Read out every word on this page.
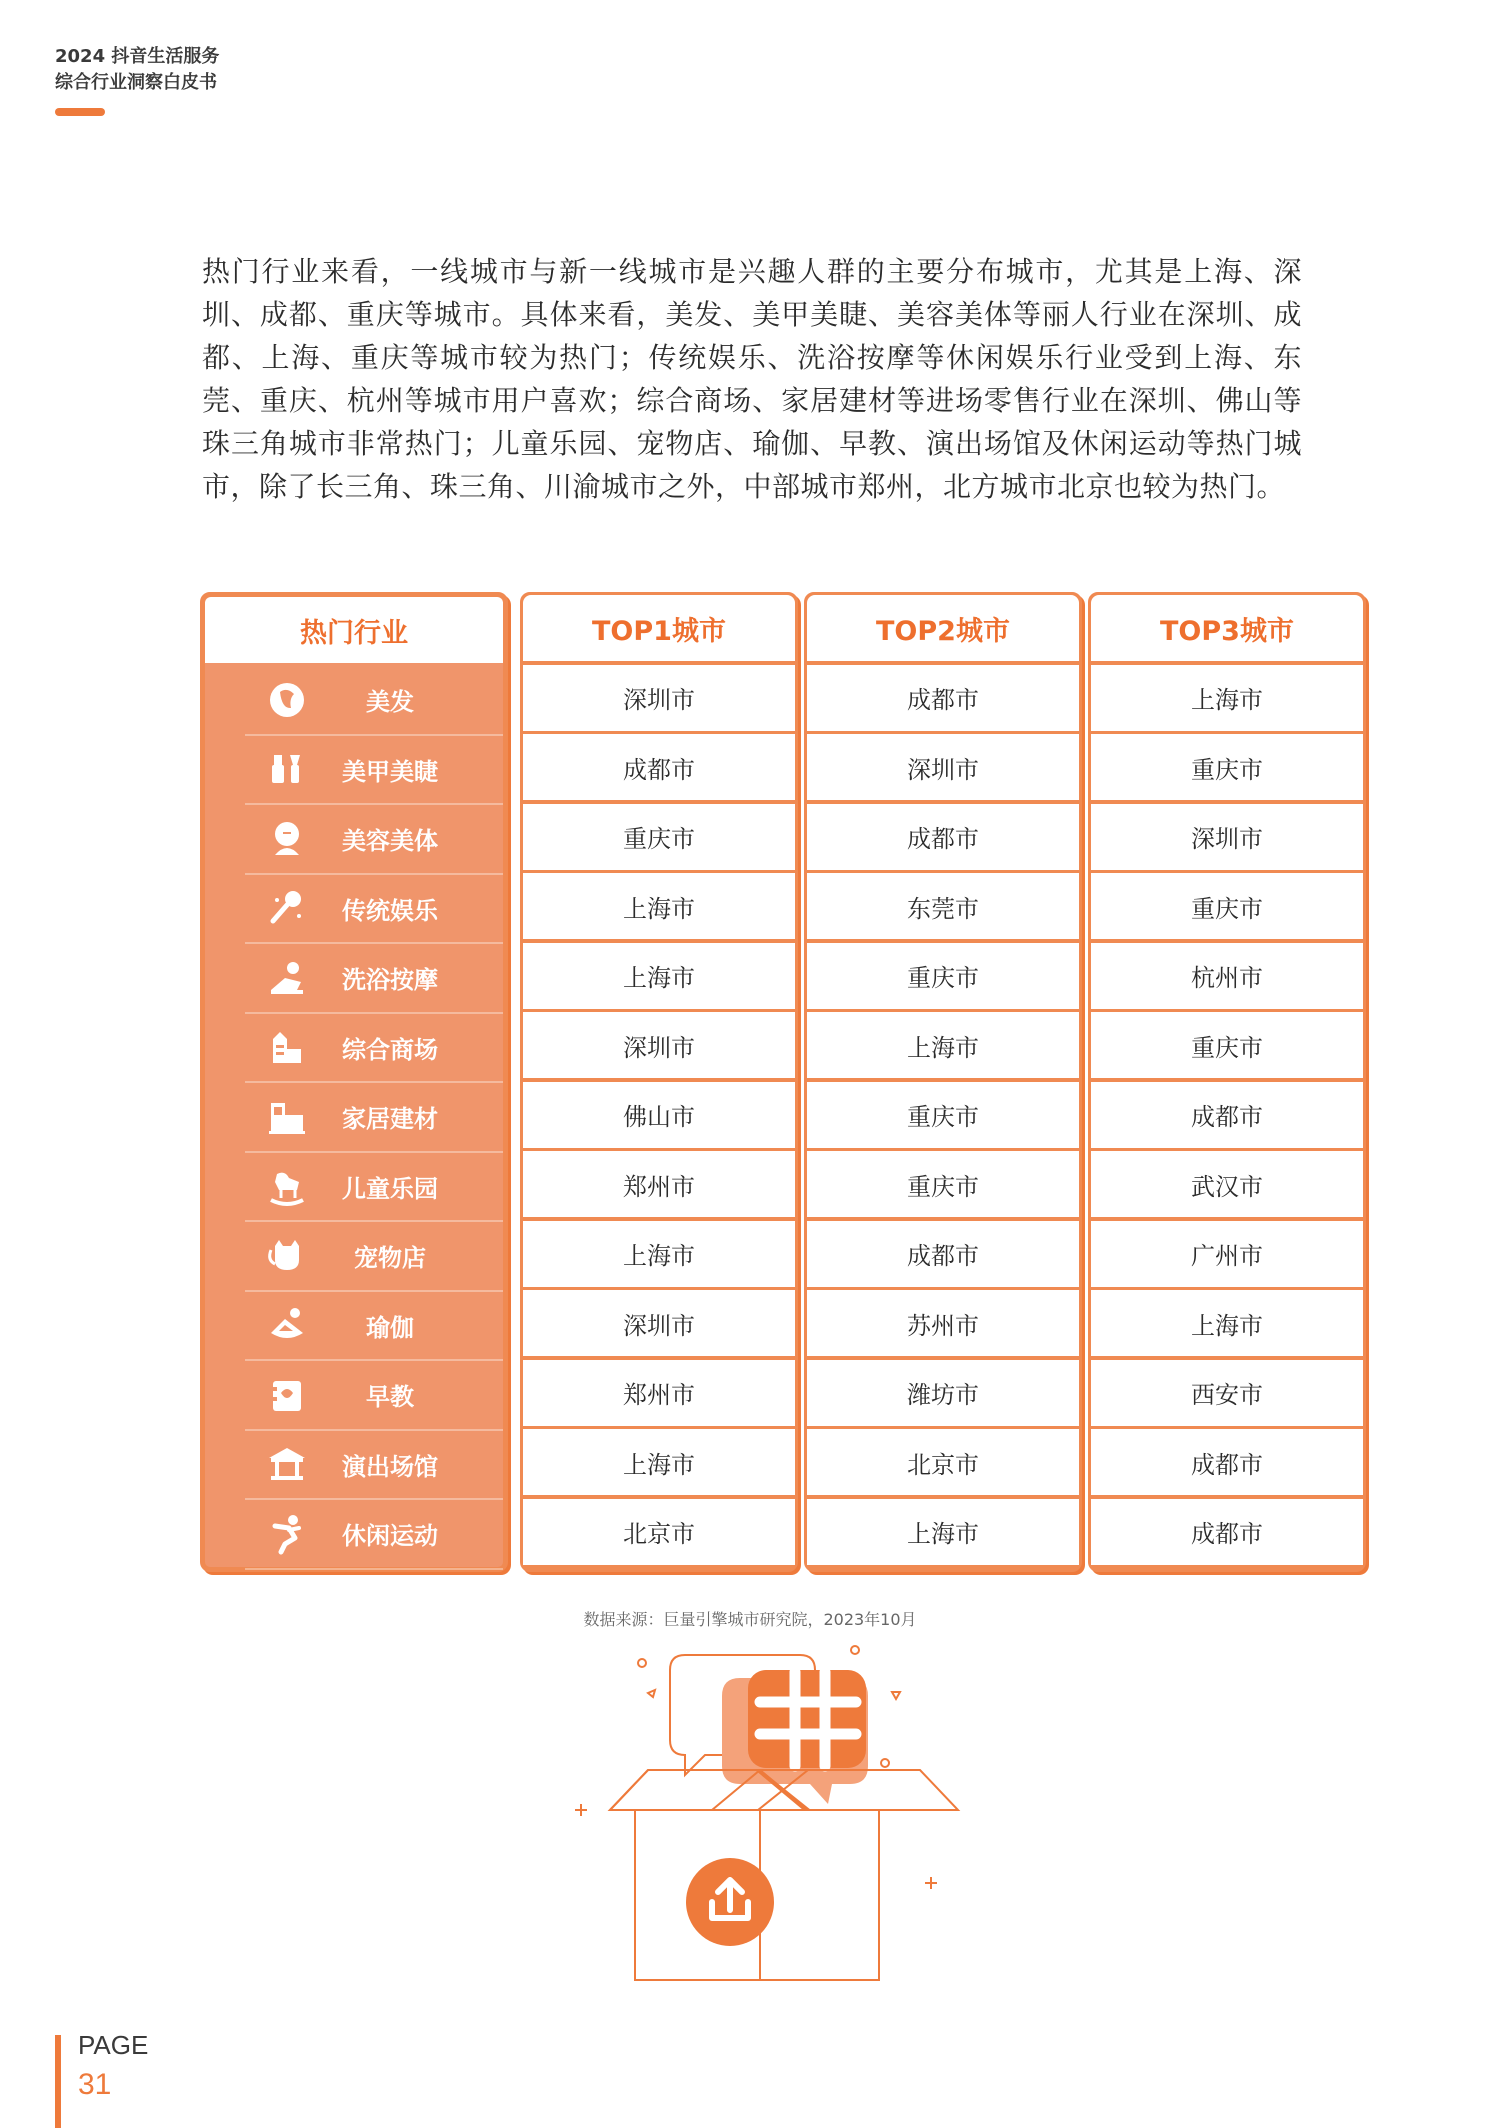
2024 抖音生活服务
综合行业洞察白皮书
热门行业来看，一线城市与新一线城市是兴趣人群的主要分布城市，尤其是上海、深圳、成都、重庆等城市。具体来看，美发、美甲美睫、美容美体等丽人行业在深圳、成都、上海、重庆等城市较为热门；传统娱乐、洗浴按摩等休闲娱乐行业受到上海、东莞、重庆、杭州等城市用户喜欢；综合商场、家居建材等进场零售行业在深圳、佛山等珠三角城市非常热门；儿童乐园、宠物店、瑜伽、早教、演出场馆及休闲运动等热门城市，除了长三角、珠三角、川渝城市之外，中部城市郑州，北方城市北京也较为热门。
热门行业
美发
美甲美睫
美容美体
传统娱乐
洗浴按摩
综合商场
家居建材
儿童乐园
宠物店
瑜伽
早教
演出场馆
休闲运动
TOP1城市
深圳市
成都市
重庆市
上海市
上海市
深圳市
佛山市
郑州市
上海市
深圳市
郑州市
上海市
北京市
TOP2城市
成都市
深圳市
成都市
东莞市
重庆市
上海市
重庆市
重庆市
成都市
苏州市
潍坊市
北京市
上海市
TOP3城市
上海市
重庆市
深圳市
重庆市
杭州市
重庆市
成都市
武汉市
广州市
上海市
西安市
成都市
成都市
数据来源：巨量引擎城市研究院，2023年10月
PAGE
31
